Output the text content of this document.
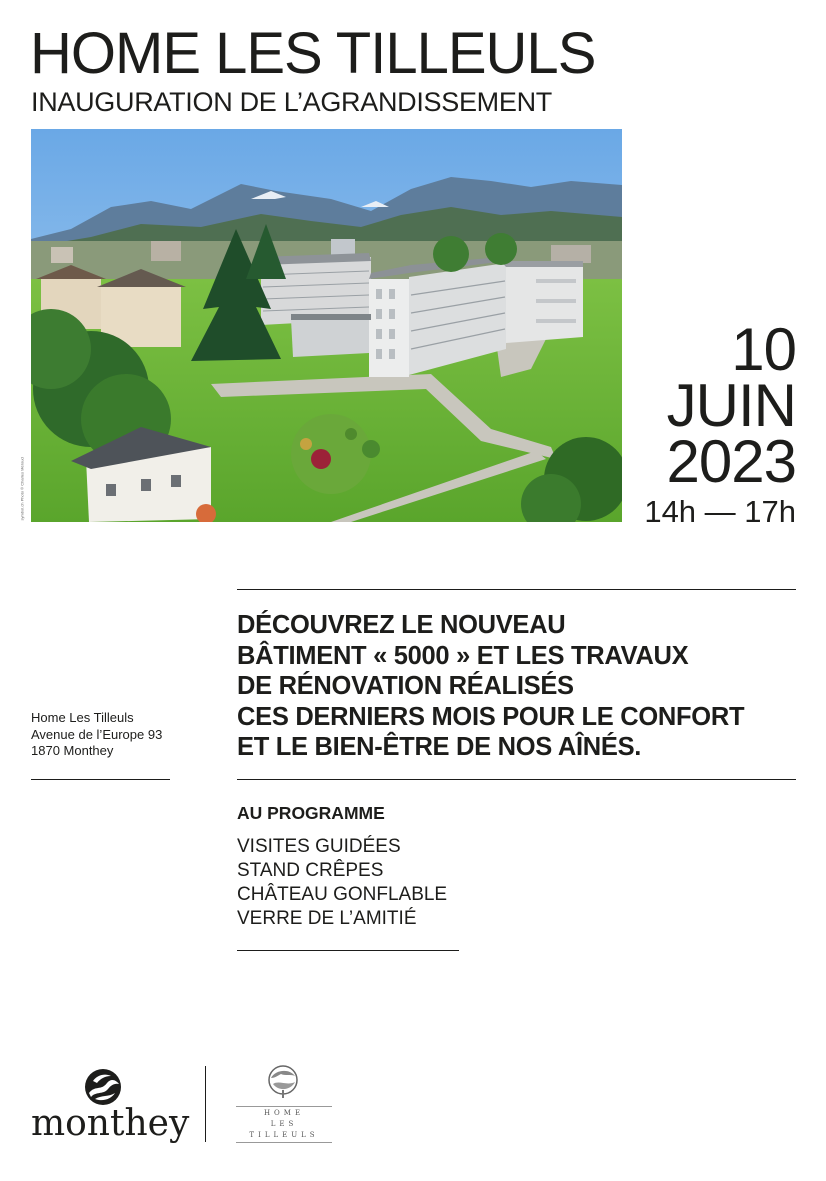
HOME LES TILLEULS
INAUGURATION DE L’AGRANDISSEMENT
symbol.ch Photo © Charles Méroud
10
JUIN
2023
14h — 17h
DÉCOUVREZ LE NOUVEAU
BÂTIMENT « 5000 » ET LES TRAVAUX
DE RÉNOVATION RÉALISÉS
CES DERNIERS MOIS POUR LE CONFORT
ET LE BIEN-ÊTRE DE NOS AÎNÉS.
Home Les Tilleuls
Avenue de l’Europe 93
1870 Monthey
AU PROGRAMME
VISITES GUIDÉES
STAND CRÊPES
CHÂTEAU GONFLABLE
VERRE DE L’AMITIÉ
monthey	HOME
LES
TILLEULS
